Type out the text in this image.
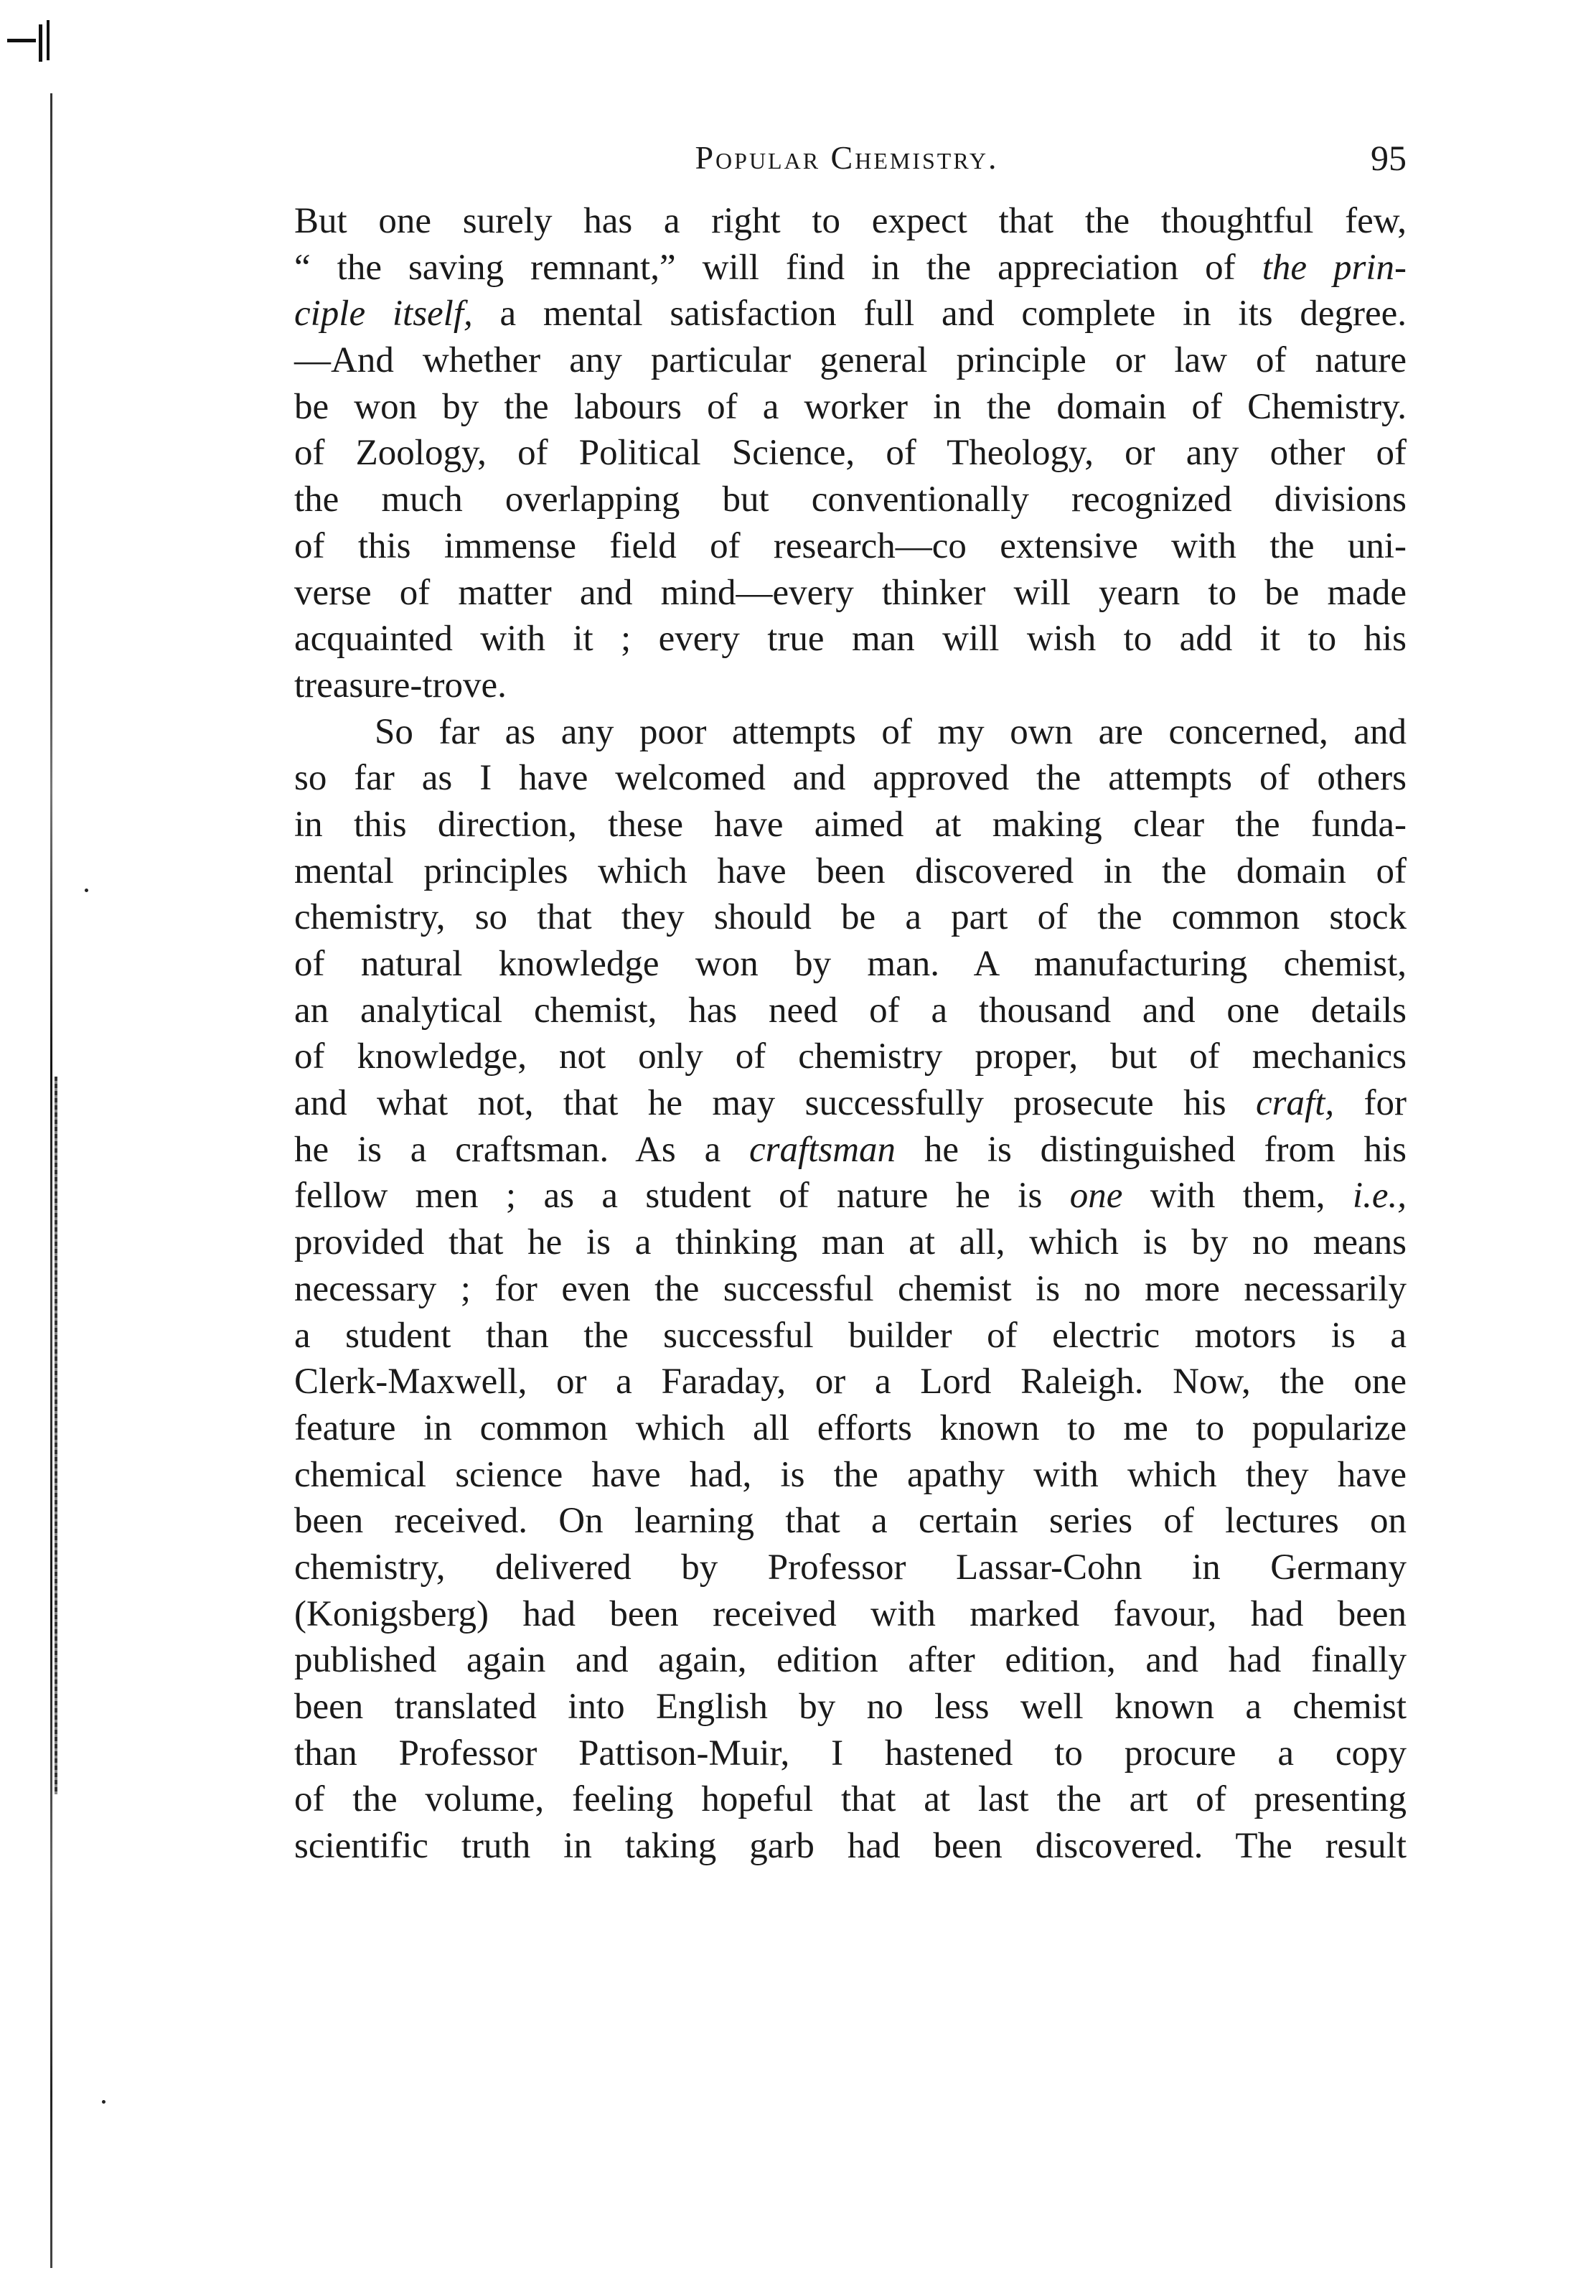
Popular Chemistry.	95
But one surely has a right to expect that the thoughtful few,
“ the saving remnant,” will find in the appreciation of the prin-
ciple itself, a mental satisfaction full and complete in its degree.
—And whether any particular general principle or law of nature
be won by the labours of a worker in the domain of Chemistry.
of Zoology, of Political Science, of Theology, or any other of
the much overlapping but conventionally recognized divisions
of this immense field of research—co extensive with the uni-
verse of matter and mind—every thinker will yearn to be made
acquainted with it ; every true man will wish to add it to his
treasure-trove.
So far as any poor attempts of my own are concerned, and
so far as I have welcomed and approved the attempts of others
in this direction, these have aimed at making clear the funda-
mental principles which have been discovered in the domain of
chemistry, so that they should be a part of the common stock
of natural knowledge won by man. A manufacturing chemist,
an analytical chemist, has need of a thousand and one details
of knowledge, not only of chemistry proper, but of mechanics
and what not, that he may successfully prosecute his craft, for
he is a craftsman. As a craftsman he is distinguished from his
fellow men ; as a student of nature he is one with them, i.e.,
provided that he is a thinking man at all, which is by no means
necessary ; for even the successful chemist is no more necessarily
a student than the successful builder of electric motors is a
Clerk-Maxwell, or a Faraday, or a Lord Raleigh. Now, the one
feature in common which all efforts known to me to popularize
chemical science have had, is the apathy with which they have
been received. On learning that a certain series of lectures on
chemistry, delivered by Professor Lassar-Cohn in Germany
(Konigsberg) had been received with marked favour, had been
published again and again, edition after edition, and had finally
been translated into English by no less well known a chemist
than Professor Pattison-Muir, I hastened to procure a copy
of the volume, feeling hopeful that at last the art of presenting
scientific truth in taking garb had been discovered. The result
